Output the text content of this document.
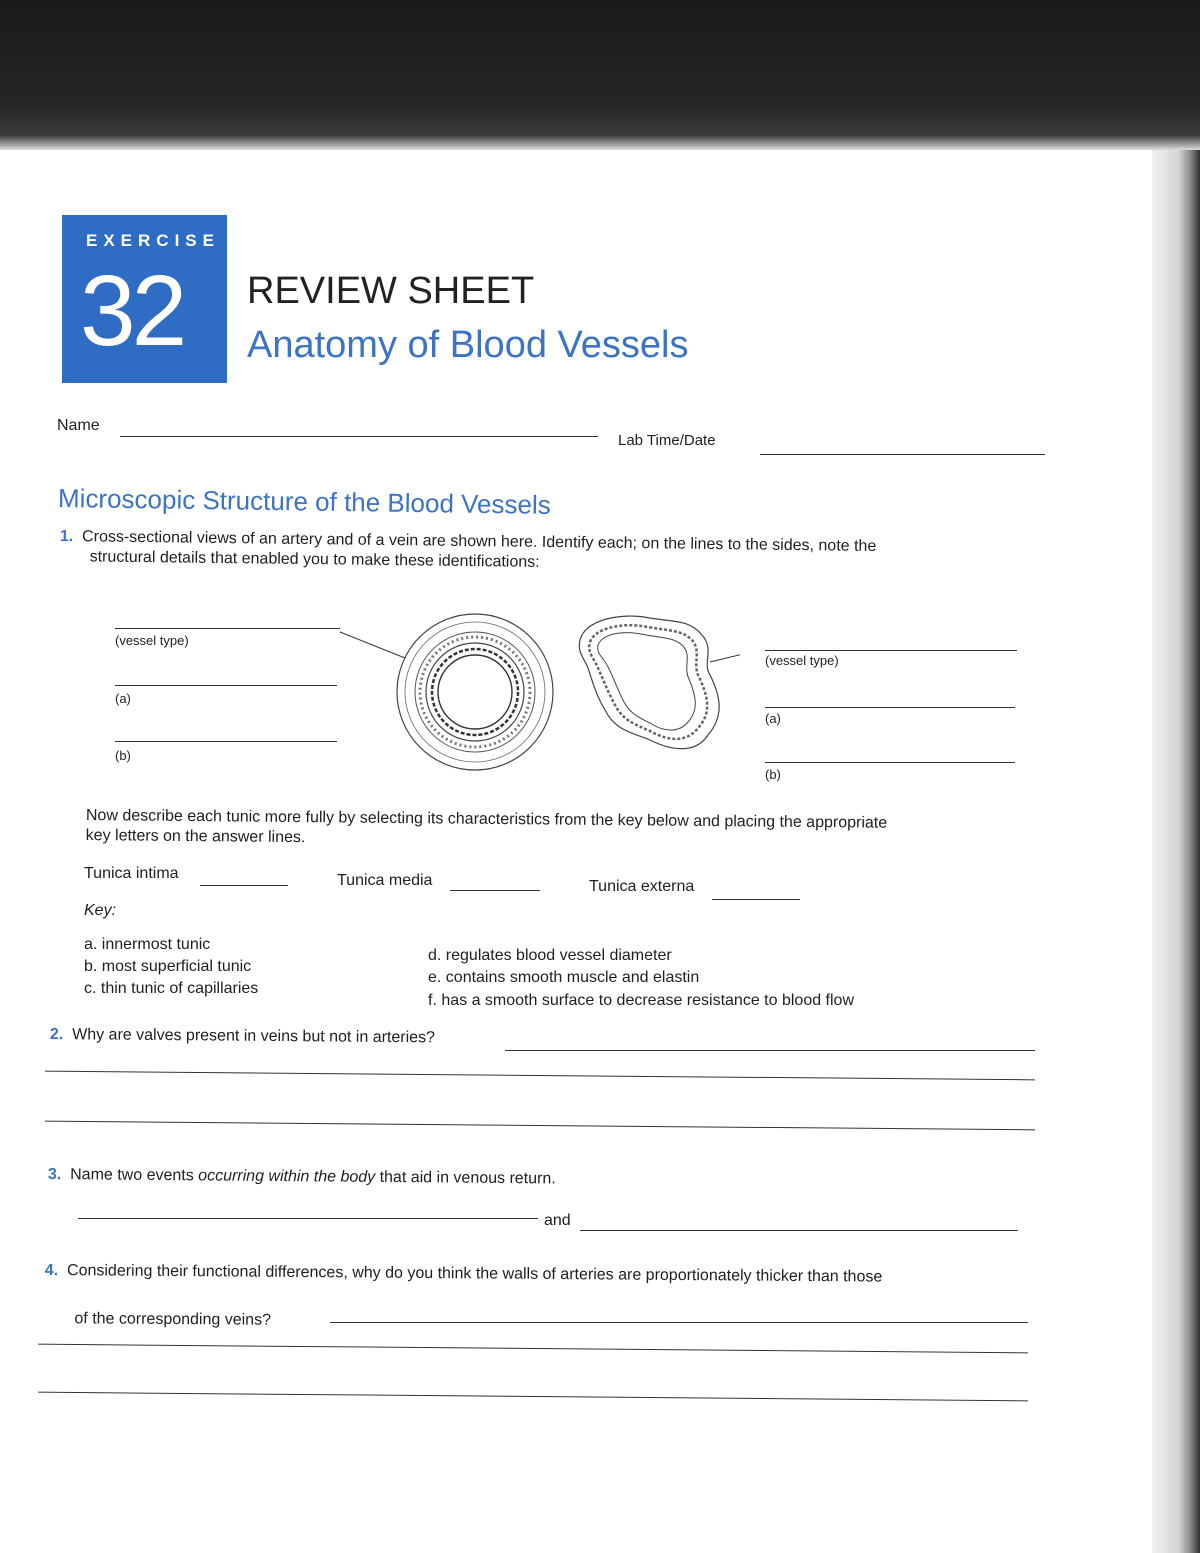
EXERCISE
32 REVIEW SHEET
Anatomy of Blood Vessels
Name
Lab Time/Date
Microscopic Structure of the Blood Vessels
1. Cross-sectional views of an artery and of a vein are shown here. Identify each; on the lines to the sides, note the
structural details that enabled you to make these identifications:
(vessel type)
(a)
(b)
(vessel type)
(a)
(b)
Now describe each tunic more fully by selecting its characteristics from the key below and placing the appropriate
key letters on the answer lines.
Tunica intima	Tunica media	Tunica externa
Key:
a. innermost tunic
b. most superficial tunic
c. thin tunic of capillaries
d. regulates blood vessel diameter
e. contains smooth muscle and elastin
f. has a smooth surface to decrease resistance to blood flow
2. Why are valves present in veins but not in arteries?
3. Name two events occurring within the body that aid in venous return.
and
4. Considering their functional differences, why do you think the walls of arteries are proportionately thicker than those
of the corresponding veins?
